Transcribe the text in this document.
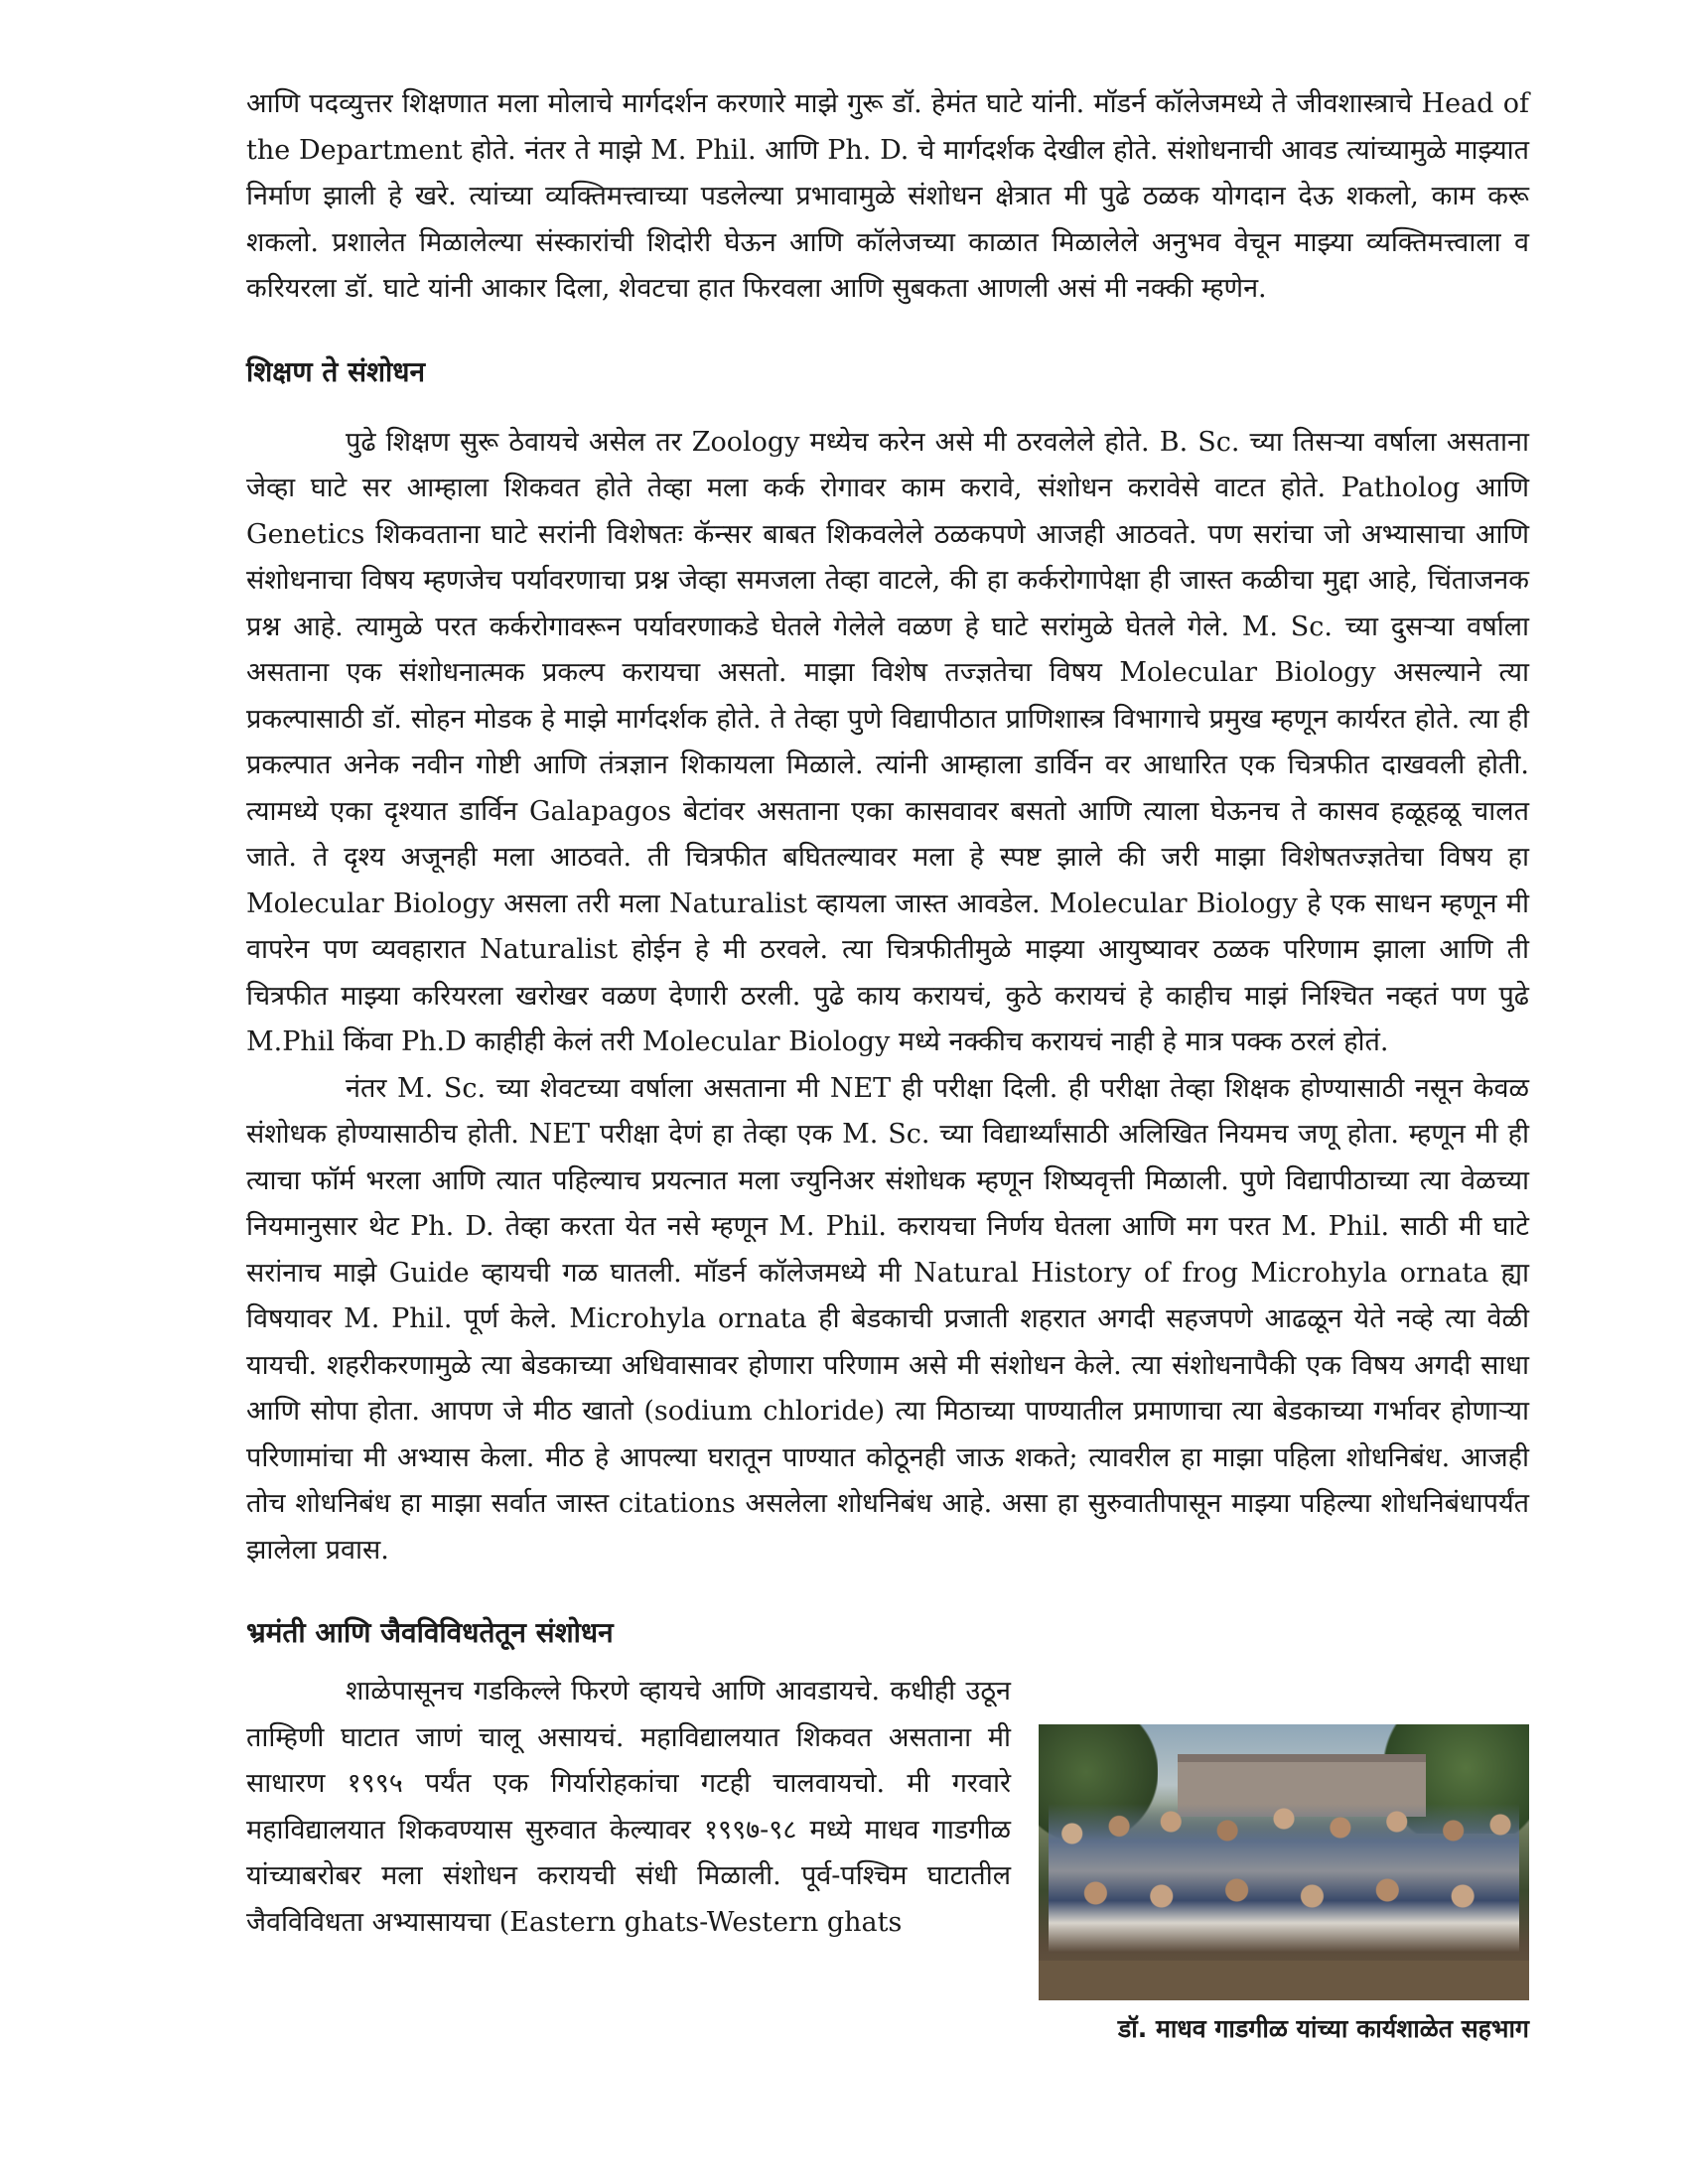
आणि पदव्युत्तर शिक्षणात मला मोलाचे मार्गदर्शन करणारे माझे गुरू डॉ. हेमंत घाटे यांनी. मॉडर्न कॉलेजमध्ये ते जीवशास्त्राचे Head of the Department होते. नंतर ते माझे M. Phil. आणि Ph. D. चे मार्गदर्शक देखील होते. संशोधनाची आवड त्यांच्यामुळे माझ्यात निर्माण झाली हे खरे. त्यांच्या व्यक्तिमत्त्वाच्या पडलेल्या प्रभावामुळे संशोधन क्षेत्रात मी पुढे ठळक योगदान देऊ शकलो, काम करू शकलो. प्रशालेत मिळालेल्या संस्कारांची शिदोरी घेऊन आणि कॉलेजच्या काळात मिळालेले अनुभव वेचून माझ्या व्यक्तिमत्त्वाला व करियरला डॉ. घाटे यांनी आकार दिला, शेवटचा हात फिरवला आणि सुबकता आणली असं मी नक्की म्हणेन.

शिक्षण ते संशोधन

पुढे शिक्षण सुरू ठेवायचे असेल तर Zoology मध्येच करेन असे मी ठरवलेले होते. B. Sc. च्या तिसऱ्या वर्षाला असताना जेव्हा घाटे सर आम्हाला शिकवत होते तेव्हा मला कर्क रोगावर काम करावे, संशोधन करावेसे वाटत होते. Patholog आणि Genetics शिकवताना घाटे सरांनी विशेषतः कॅन्सर बाबत शिकवलेले ठळकपणे आजही आठवते. पण सरांचा जो अभ्यासाचा आणि संशोधनाचा विषय म्हणजेच पर्यावरणाचा प्रश्न जेव्हा समजला तेव्हा वाटले, की हा कर्करोगापेक्षा ही जास्त कळीचा मुद्दा आहे, चिंताजनक प्रश्न आहे. त्यामुळे परत कर्करोगावरून पर्यावरणाकडे घेतले गेलेले वळण हे घाटे सरांमुळे घेतले गेले. M. Sc. च्या दुसऱ्या वर्षाला असताना एक संशोधनात्मक प्रकल्प करायचा असतो. माझा विशेष तज्ज्ञतेचा विषय Molecular Biology असल्याने त्या प्रकल्पासाठी डॉ. सोहन मोडक हे माझे मार्गदर्शक होते. ते तेव्हा पुणे विद्यापीठात प्राणिशास्त्र विभागाचे प्रमुख म्हणून कार्यरत होते. त्या ही प्रकल्पात अनेक नवीन गोष्टी आणि तंत्रज्ञान शिकायला मिळाले. त्यांनी आम्हाला डार्विन वर आधारित एक चित्रफीत दाखवली होती. त्यामध्ये एका दृश्यात डार्विन Galapagos बेटांवर असताना एका कासवावर बसतो आणि त्याला घेऊनच ते कासव हळूहळू चालत जाते. ते दृश्य अजूनही मला आठवते. ती चित्रफीत बघितल्यावर मला हे स्पष्ट झाले की जरी माझा विशेषतज्ज्ञतेचा विषय हा Molecular Biology असला तरी मला Naturalist व्हायला जास्त आवडेल. Molecular Biology हे एक साधन म्हणून मी वापरेन पण व्यवहारात Naturalist होईन हे मी ठरवले. त्या चित्रफीतीमुळे माझ्या आयुष्यावर ठळक परिणाम झाला आणि ती चित्रफीत माझ्या करियरला खरोखर वळण देणारी ठरली. पुढे काय करायचं, कुठे करायचं हे काहीच माझं निश्चित नव्हतं पण पुढे M.Phil किंवा Ph.D काहीही केलं तरी Molecular Biology मध्ये नक्कीच करायचं नाही हे मात्र पक्क ठरलं होतं.

नंतर M. Sc. च्या शेवटच्या वर्षाला असताना मी NET ही परीक्षा दिली. ही परीक्षा तेव्हा शिक्षक होण्यासाठी नसून केवळ संशोधक होण्यासाठीच होती. NET परीक्षा देणं हा तेव्हा एक M. Sc. च्या विद्यार्थ्यांसाठी अलिखित नियमच जणू होता. म्हणून मी ही त्याचा फॉर्म भरला आणि त्यात पहिल्याच प्रयत्नात मला ज्युनिअर संशोधक म्हणून शिष्यवृत्ती मिळाली. पुणे विद्यापीठाच्या त्या वेळच्या नियमानुसार थेट Ph. D. तेव्हा करता येत नसे म्हणून M. Phil. करायचा निर्णय घेतला आणि मग परत M. Phil. साठी मी घाटे सरांनाच माझे Guide व्हायची गळ घातली. मॉडर्न कॉलेजमध्ये मी Natural History of frog Microhyla ornata ह्या विषयावर M. Phil. पूर्ण केले. Microhyla ornata ही बेडकाची प्रजाती शहरात अगदी सहजपणे आढळून येते नव्हे त्या वेळी यायची. शहरीकरणामुळे त्या बेडकाच्या अधिवासावर होणारा परिणाम असे मी संशोधन केले. त्या संशोधनापैकी एक विषय अगदी साधा आणि सोपा होता. आपण जे मीठ खातो (sodium chloride) त्या मिठाच्या पाण्यातील प्रमाणाचा त्या बेडकाच्या गर्भावर होणाऱ्या परिणामांचा मी अभ्यास केला. मीठ हे आपल्या घरातून पाण्यात कोठूनही जाऊ शकते; त्यावरील हा माझा पहिला शोधनिबंध. आजही तोच शोधनिबंध हा माझा सर्वात जास्त citations असलेला शोधनिबंध आहे. असा हा सुरुवातीपासून माझ्या पहिल्या शोधनिबंधापर्यंत झालेला प्रवास.

भ्रमंती आणि जैवविविधतेतून संशोधन

शाळेपासूनच गडकिल्ले फिरणे व्हायचे आणि आवडायचे. कधीही उठून ताम्हिणी घाटात जाणं चालू असायचं. महाविद्यालयात शिकवत असताना मी साधारण १९९५ पर्यंत एक गिर्यारोहकांचा गटही चालवायचो. मी गरवारे महाविद्यालयात शिकवण्यास सुरुवात केल्यावर १९९७-९८ मध्ये माधव गाडगीळ यांच्याबरोबर मला संशोधन करायची संधी मिळाली. पूर्व-पश्चिम घाटातील जैवविविधता अभ्यासायचा (Eastern ghats-Western ghats

डॉ. माधव गाडगीळ यांच्या कार्यशाळेत सहभाग
